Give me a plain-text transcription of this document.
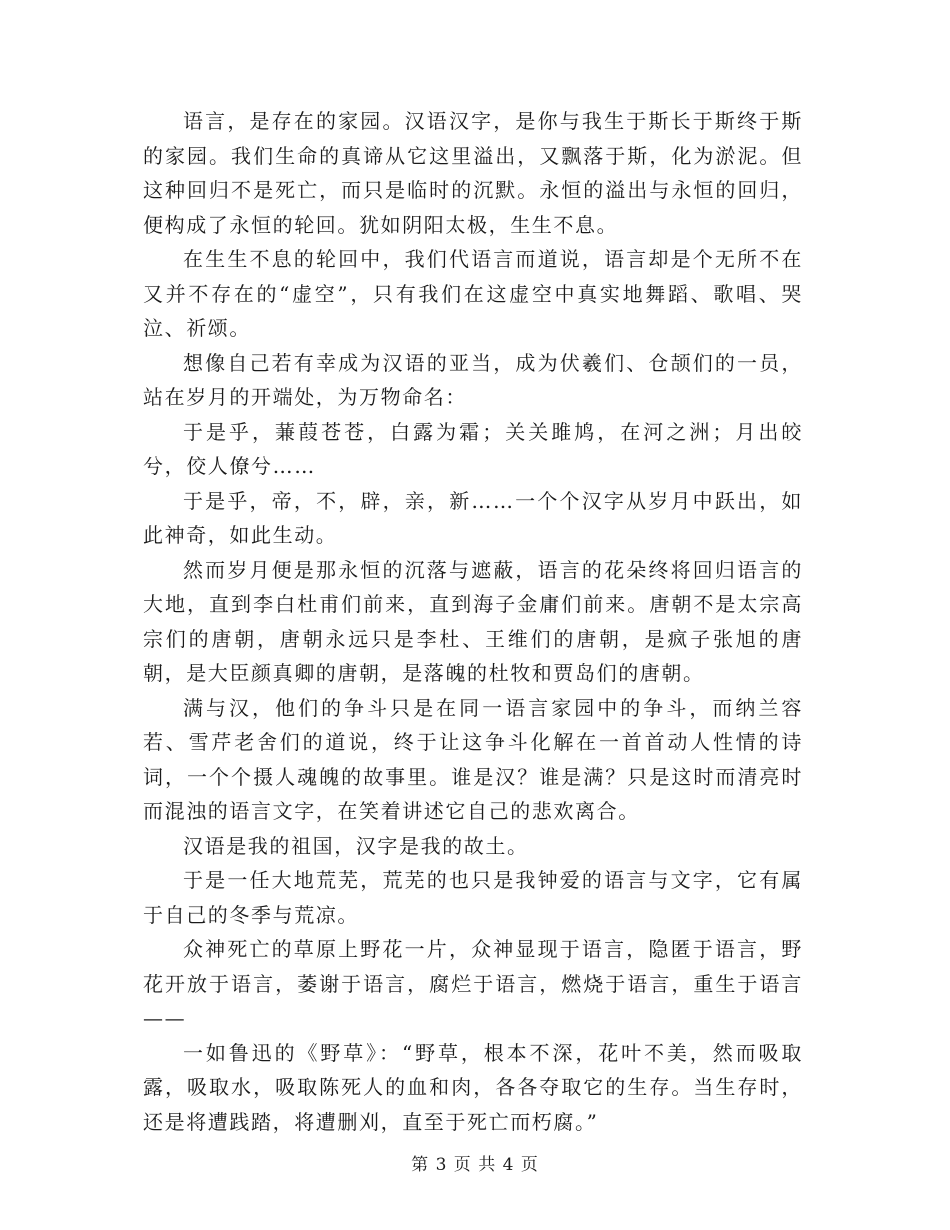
语言，是存在的家园。汉语汉字，是你与我生于斯长于斯终于斯的家园。我们生命的真谛从它这里溢出，又飘落于斯，化为淤泥。但这种回归不是死亡，而只是临时的沉默。永恒的溢出与永恒的回归，便构成了永恒的轮回。犹如阴阳太极，生生不息。

在生生不息的轮回中，我们代语言而道说，语言却是个无所不在又并不存在的“虚空”，只有我们在这虚空中真实地舞蹈、歌唱、哭泣、祈颂。

想像自己若有幸成为汉语的亚当，成为伏羲们、仓颉们的一员，站在岁月的开端处，为万物命名：

于是乎，蒹葭苍苍，白露为霜；关关雎鸠，在河之洲；月出皎兮，佼人僚兮……

于是乎，帝，不，辟，亲，新……一个个汉字从岁月中跃出，如此神奇，如此生动。

然而岁月便是那永恒的沉落与遮蔽，语言的花朵终将回归语言的大地，直到李白杜甫们前来，直到海子金庸们前来。唐朝不是太宗高宗们的唐朝，唐朝永远只是李杜、王维们的唐朝，是疯子张旭的唐朝，是大臣颜真卿的唐朝，是落魄的杜牧和贾岛们的唐朝。

满与汉，他们的争斗只是在同一语言家园中的争斗，而纳兰容若、雪芹老舍们的道说，终于让这争斗化解在一首首动人性情的诗词，一个个摄人魂魄的故事里。谁是汉？谁是满？只是这时而清亮时而混浊的语言文字，在笑着讲述它自己的悲欢离合。

汉语是我的祖国，汉字是我的故土。

于是一任大地荒芜，荒芜的也只是我钟爱的语言与文字，它有属于自己的冬季与荒凉。

众神死亡的草原上野花一片，众神显现于语言，隐匿于语言，野花开放于语言，萎谢于语言，腐烂于语言，燃烧于语言，重生于语言——

一如鲁迅的《野草》：“野草，根本不深，花叶不美，然而吸取露，吸取水，吸取陈死人的血和肉，各各夺取它的生存。当生存时，还是将遭践踏，将遭删刈，直至于死亡而朽腐。”

第 3 页 共 4 页
